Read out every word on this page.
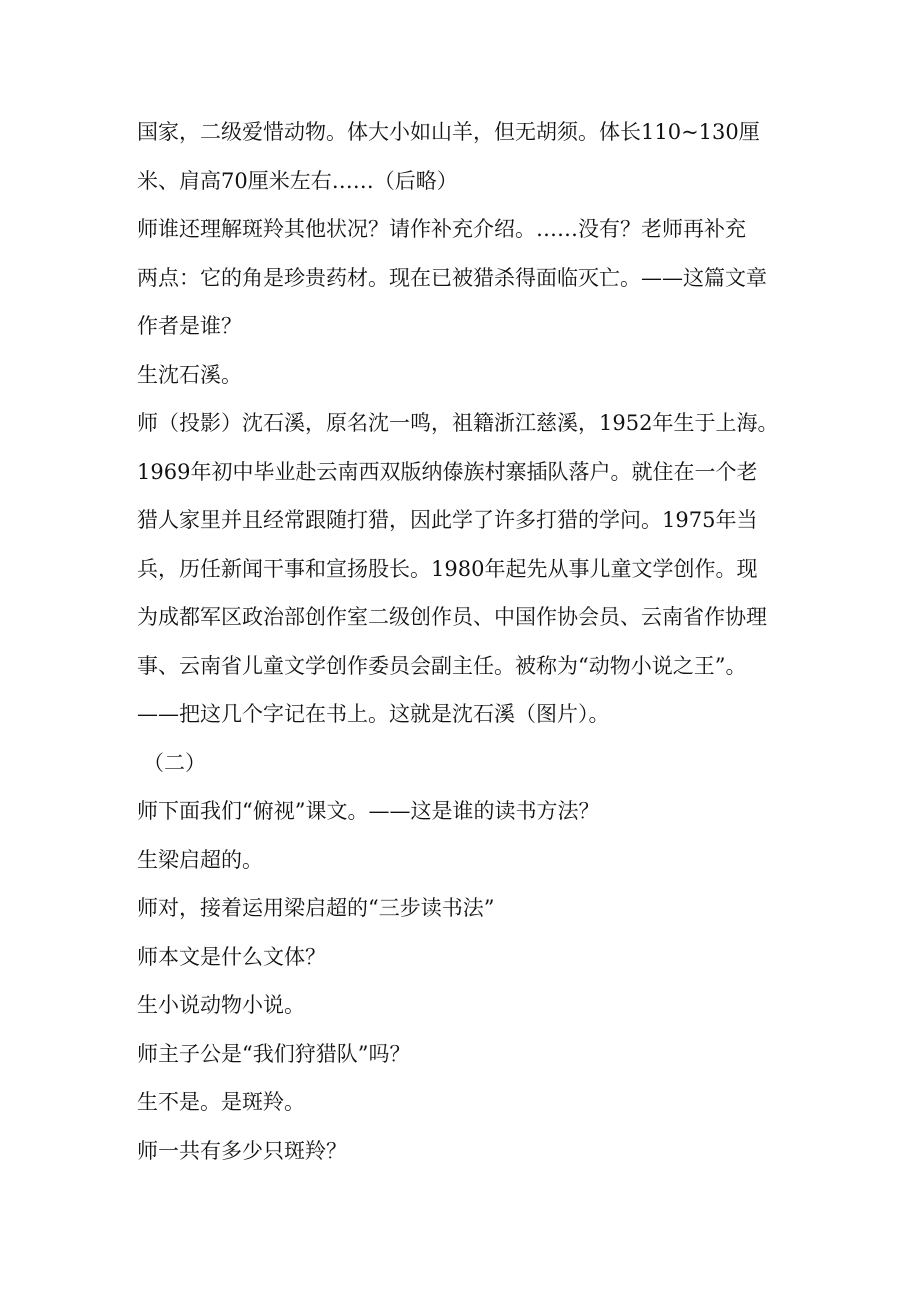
国家，二级爱惜动物。体大小如山羊，但无胡须。体长110~130厘
米、肩高70厘米左右……（后略）
师谁还理解斑羚其他状况？请作补充介绍。……没有？老师再补充
两点：它的角是珍贵药材。现在已被猎杀得面临灭亡。——这篇文章
作者是谁？
生沈石溪。
师（投影）沈石溪，原名沈一鸣，祖籍浙江慈溪，1952年生于上海。
1969年初中毕业赴云南西双版纳傣族村寨插队落户。就住在一个老
猎人家里并且经常跟随打猎，因此学了许多打猎的学问。1975年当
兵，历任新闻干事和宣扬股长。1980年起先从事儿童文学创作。现
为成都军区政治部创作室二级创作员、中国作协会员、云南省作协理
事、云南省儿童文学创作委员会副主任。被称为“动物小说之王”。
——把这几个字记在书上。这就是沈石溪（图片）。
（二）
师下面我们“俯视”课文。——这是谁的读书方法？
生梁启超的。
师对，接着运用梁启超的“三步读书法”
师本文是什么文体？
生小说动物小说。
师主子公是“我们狩猎队”吗？
生不是。是斑羚。
师一共有多少只斑羚？
